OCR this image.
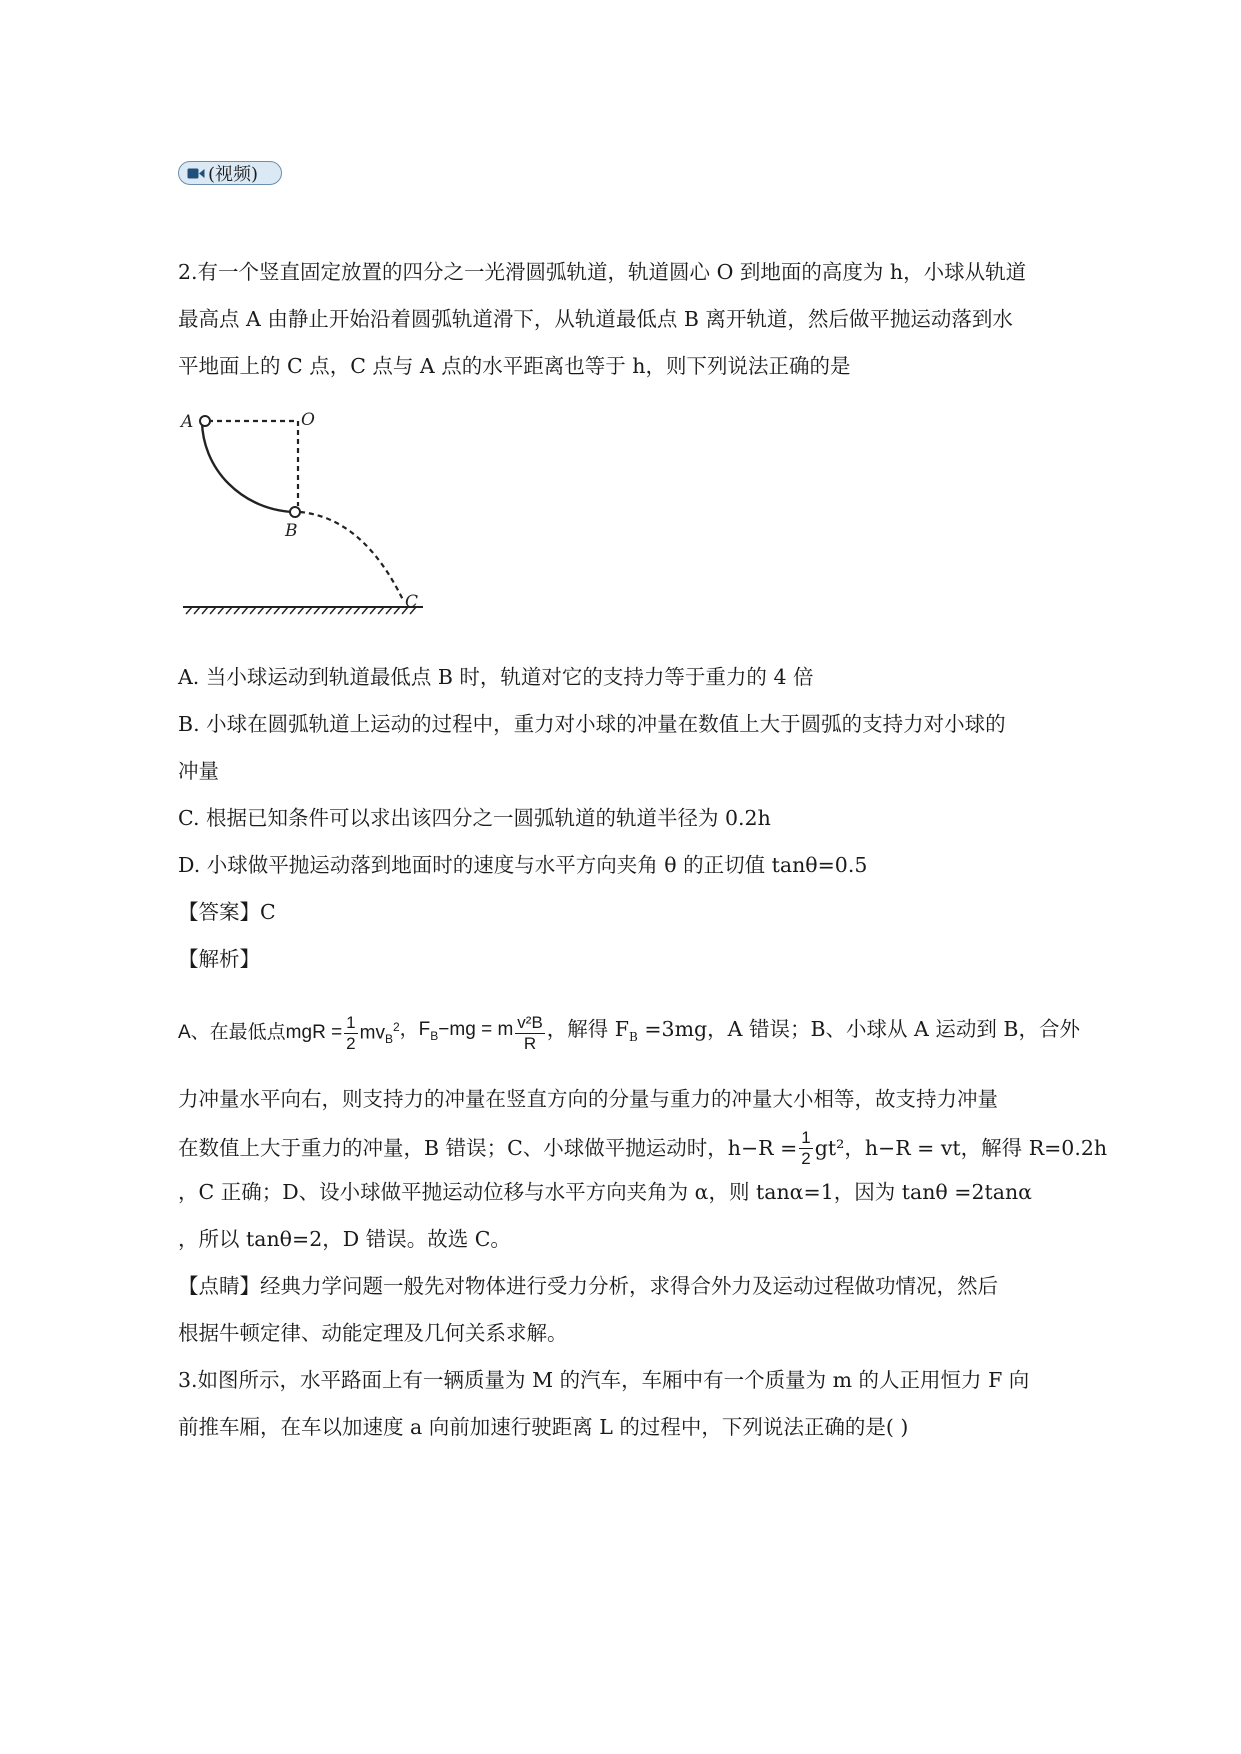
(视频)
2.有一个竖直固定放置的四分之一光滑圆弧轨道，轨道圆心 O 到地面的高度为 h，小球从轨道
最高点 A 由静止开始沿着圆弧轨道滑下，从轨道最低点 B 离开轨道，然后做平抛运动落到水
平地面上的 C 点，C 点与 A 点的水平距离也等于 h，则下列说法正确的是
A	O
B
C
A. 当小球运动到轨道最低点 B 时，轨道对它的支持力等于重力的 4 倍
B. 小球在圆弧轨道上运动的过程中，重力对小球的冲量在数值上大于圆弧的支持力对小球的
冲量
C. 根据已知条件可以求出该四分之一圆弧轨道的轨道半径为 0.2h
D. 小球做平抛运动落到地面时的速度与水平方向夹角 θ 的正切值 tanθ=0.5
【答案】C
【解析】
A、在最低点mgR = $\frac{1}{2} mv_B^2$ ，$F_B-mg = m \frac{\text{v²B}}{R}$ ，解得 $F_B =3mg$，A 错误；B、小球从 A 运动到 B，合外
力冲量水平向右，则支持力的冲量在竖直方向的分量与重力的冲量大小相等，故支持力冲量
在数值上大于重力的冲量，B 错误；C、小球做平抛运动时，$h-R = \frac{1}{2} gt^2$，h−R = vt，解得 R=0.2h
，C 正确；D、设小球做平抛运动位移与水平方向夹角为 α，则 tanα=1，因为 tanθ =2tanα
，所以 tanθ=2，D 错误。故选 C。
【点睛】经典力学问题一般先对物体进行受力分析，求得合外力及运动过程做功情况，然后
根据牛顿定律、动能定理及几何关系求解。
3.如图所示，水平路面上有一辆质量为 M 的汽车，车厢中有一个质量为 m 的人正用恒力 F 向
前推车厢，在车以加速度 a 向前加速行驶距离 L 的过程中，下列说法正确的是( )
